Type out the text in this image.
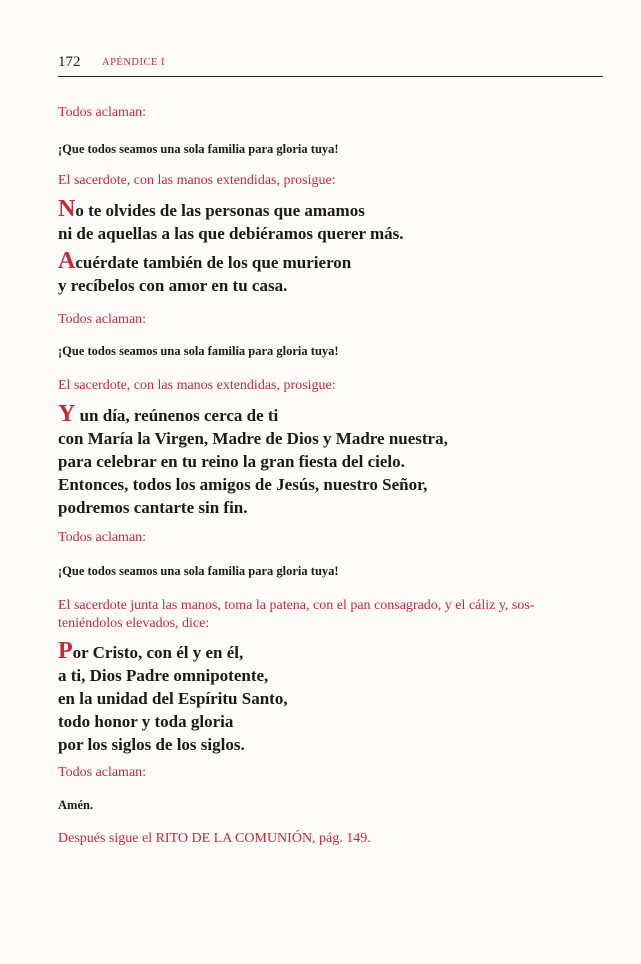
172 APÉNDICE I
Todos aclaman:
¡Que todos seamos una sola familia para gloria tuya!
El sacerdote, con las manos extendidas, prosigue:

No te olvides de las personas que amamos

ni de aquellas a las que debiéramos querer más.

Acuérdate también de los que murieron

y recíbelos con amor en tu casa.

Todos aclaman:
¡Que todos seamos una sola familia para gloria tuya!
El sacerdote, con las manos extendidas, prosigue:

Y un día, reúnenos cerca de ti

con María la Virgen, Madre de Dios y Madre nuestra,

para celebrar en tu reino la gran fiesta del cielo.

Entonces, todos los amigos de Jesús, nuestro Señor,

podremos cantarte sin fin.

Todos aclaman:
¡Que todos seamos una sola familia para gloria tuya!
El sacerdote junta las manos, toma la patena, con el pan consagrado, y el cáliz y, sos-
teniéndolos elevados, dice:

Por Cristo, con él y en él,

a ti, Dios Padre omnipotente,

en la unidad del Espíritu Santo,

todo honor y toda gloria

por los siglos de los siglos.

Todos aclaman:
Amén.
Después sigue el RITO DE LA COMUNIÓN, pág. 149.
